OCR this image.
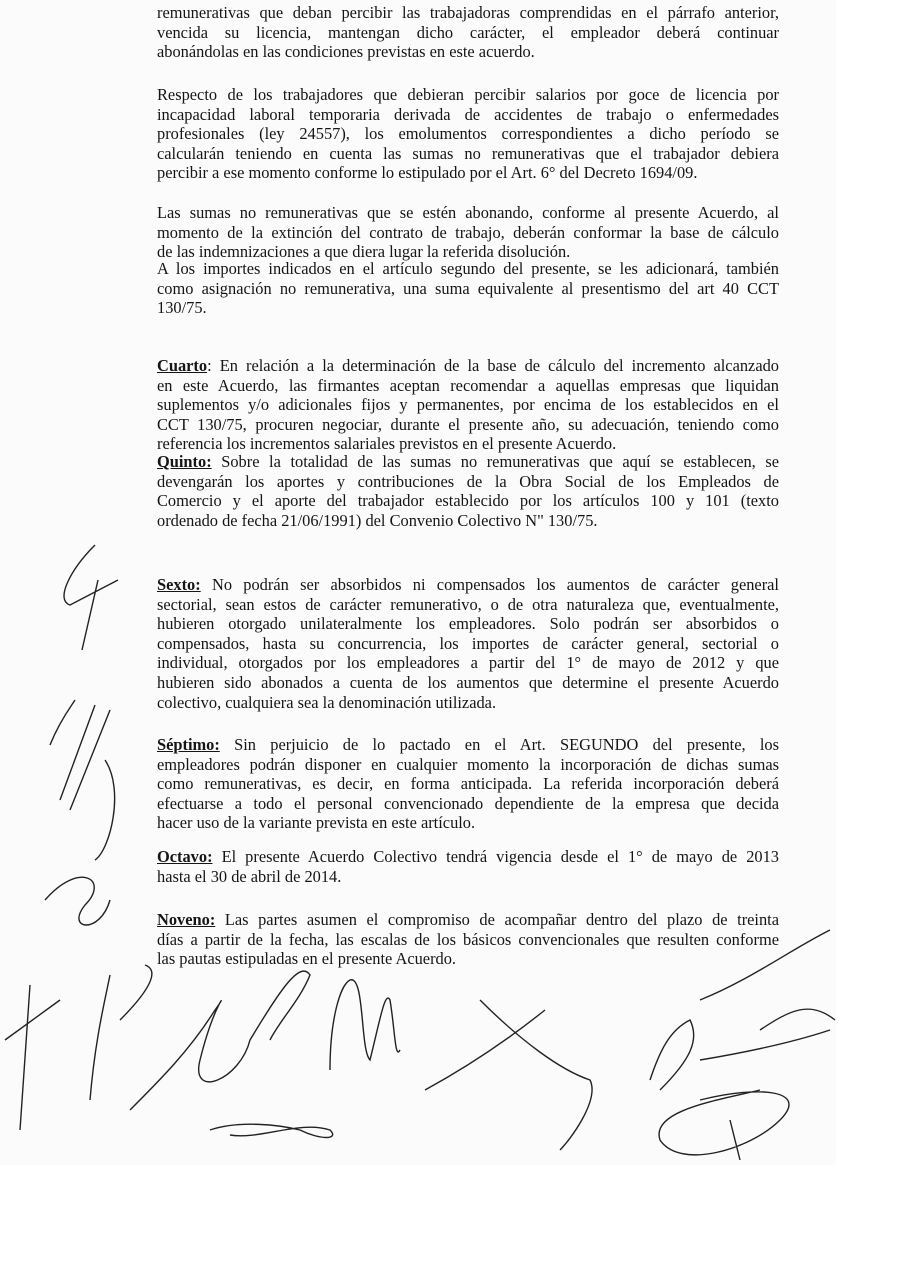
remunerativas que deban percibir las trabajadoras comprendidas en el párrafo anterior,
vencida su licencia, mantengan dicho carácter, el empleador deberá continuar
abonándolas en las condiciones previstas en este acuerdo.
Respecto de los trabajadores que debieran percibir salarios por goce de licencia por
incapacidad laboral temporaria derivada de accidentes de trabajo o enfermedades
profesionales (ley 24557), los emolumentos correspondientes a dicho período se
calcularán teniendo en cuenta las sumas no remunerativas que el trabajador debiera
percibir a ese momento conforme lo estipulado por el Art. 6° del Decreto 1694/09.
Las sumas no remunerativas que se estén abonando, conforme al presente Acuerdo, al
momento de la extinción del contrato de trabajo, deberán conformar la base de cálculo
de las indemnizaciones a que diera lugar la referida disolución.
A los importes indicados en el artículo segundo del presente, se les adicionará, también
como asignación no remunerativa, una suma equivalente al presentismo del art 40 CCT
130/75.
Cuarto: En relación a la determinación de la base de cálculo del incremento alcanzado
en este Acuerdo, las firmantes aceptan recomendar a aquellas empresas que liquidan
suplementos y/o adicionales fijos y permanentes, por encima de los establecidos en el
CCT 130/75, procuren negociar, durante el presente año, su adecuación, teniendo como
referencia los incrementos salariales previstos en el presente Acuerdo.
Quinto: Sobre la totalidad de las sumas no remunerativas que aquí se establecen, se
devengarán los aportes y contribuciones de la Obra Social de los Empleados de
Comercio y el aporte del trabajador establecido por los artículos 100 y 101 (texto
ordenado de fecha 21/06/1991) del Convenio Colectivo N" 130/75.
Sexto: No podrán ser absorbidos ni compensados los aumentos de carácter general
sectorial, sean estos de carácter remunerativo, o de otra naturaleza que, eventualmente,
hubieren otorgado unilateralmente los empleadores. Solo podrán ser absorbidos o
compensados, hasta su concurrencia, los importes de carácter general, sectorial o
individual, otorgados por los empleadores a partir del 1° de mayo de 2012 y que
hubieren sido abonados a cuenta de los aumentos que determine el presente Acuerdo
colectivo, cualquiera sea la denominación utilizada.
Séptimo: Sin perjuicio de lo pactado en el Art. SEGUNDO del presente, los
empleadores podrán disponer en cualquier momento la incorporación de dichas sumas
como remunerativas, es decir, en forma anticipada. La referida incorporación deberá
efectuarse a todo el personal convencionado dependiente de la empresa que decida
hacer uso de la variante prevista en este artículo.
Octavo: El presente Acuerdo Colectivo tendrá vigencia desde el 1° de mayo de 2013
hasta el 30 de abril de 2014.
Noveno: Las partes asumen el compromiso de acompañar dentro del plazo de treinta
días a partir de la fecha, las escalas de los básicos convencionales que resulten conforme
las pautas estipuladas en el presente Acuerdo.
